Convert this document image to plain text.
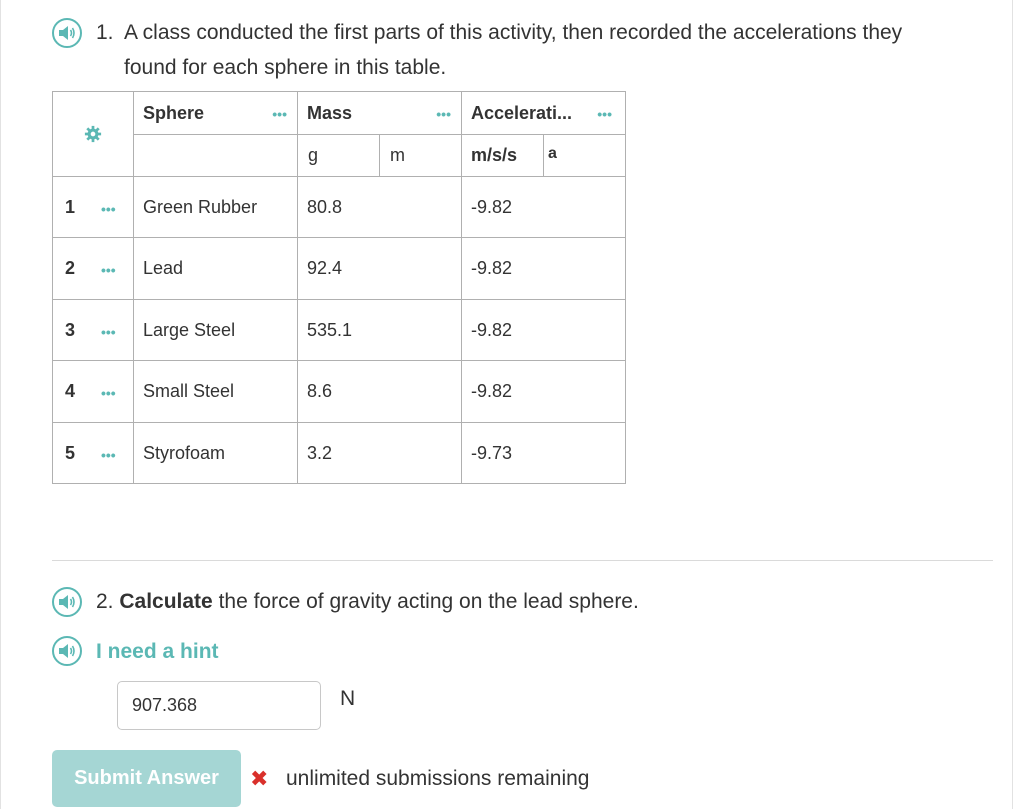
1. A class conducted the first parts of this activity, then recorded the accelerations they
found for each sphere in this table.
Sphere	••• Mass	••• Accelerati... •••
g	m	m/s/s a
1 ••• Green Rubber	80.8	-9.82
2 ••• Lead	92.4	-9.82
3 ••• Large Steel	535.1	-9.82
4 ••• Small Steel	8.6	-9.82
5 ••• Styrofoam	3.2	-9.73
2. Calculate the force of gravity acting on the lead sphere.
I need a hint
907.368
N
Submit Answer	✖ unlimited submissions remaining
